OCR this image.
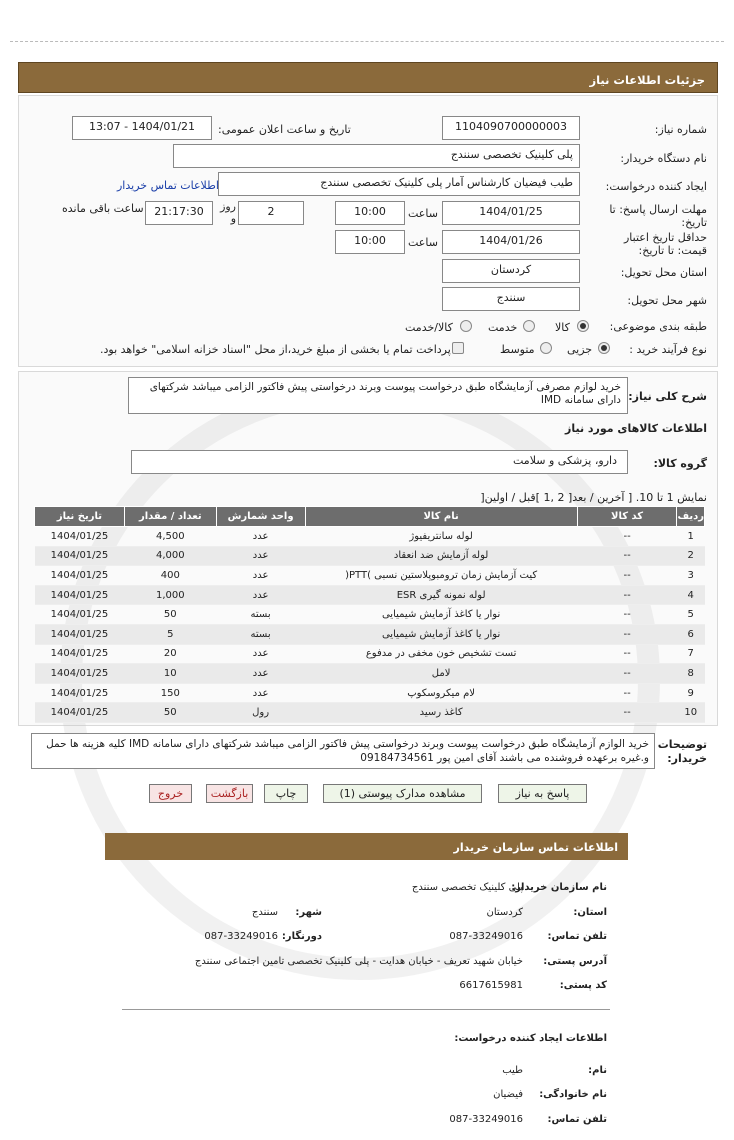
جزئیات اطلاعات نیاز
شماره نیاز:
1104090700000003
تاریخ و ساعت اعلان عمومی:
1404/01/21 - 13:07
نام دستگاه خریدار:
پلی کلینیک تخصصی سنندج
ایجاد کننده درخواست:
طیب فیضیان کارشناس آمار پلی کلینیک تخصصی سنندج
اطلاعات تماس خریدار
مهلت ارسال پاسخ: تا تاریخ:
1404/01/25
ساعت
10:00
2
روز و
21:17:30
ساعت باقی مانده
حداقل تاریخ اعتبار قیمت: تا تاریخ:
1404/01/26
ساعت
10:00
استان محل تحویل:
کردستان
شهر محل تحویل:
سنندج
طبقه بندی موضوعی:
کالا
خدمت
کالا/خدمت
نوع فرآیند خرید :
جزیی
متوسط
پرداخت تمام یا بخشی از مبلغ خرید،از محل "اسناد خزانه اسلامی" خواهد بود.
شرح کلی نیاز:
خرید لوازم مصرفی آزمایشگاه طبق درخواست پیوست وبرند درخواستی پیش فاکتور الزامی میباشد شرکتهای دارای سامانه IMD
اطلاعات کالاهای مورد نیاز
گروه کالا:
دارو، پزشکی و سلامت
نمایش 1 تا 10. [ آخرین / بعد[ 2 ,1 ]قبل / اولین[
ردیف	کد کالا	نام کالا	واحد شمارش	تعداد / مقدار	تاریخ نیاز
1	--	لوله سانتریفیوژ	عدد	4,500	1404/01/25
2	--	لوله آزمایش ضد انعقاد	عدد	4,000	1404/01/25
3	--	کیت آزمایش زمان ترومبوپلاستین نسبی )PTT(	عدد	400	1404/01/25
4	--	لوله نمونه گیری ESR	عدد	1,000	1404/01/25
5	--	نوار یا کاغذ آزمایش شیمیایی	بسته	50	1404/01/25
6	--	نوار یا کاغذ آزمایش شیمیایی	بسته	5	1404/01/25
7	--	تست تشخیص خون مخفی در مدفوع	عدد	20	1404/01/25
8	--	لامل	عدد	10	1404/01/25
9	--	لام میکروسکوپ	عدد	150	1404/01/25
10	--	کاغذ رسید	رول	50	1404/01/25
توضیحات خریدار:
خرید الوازم آزمایشگاه طبق درخواست پیوست وبرند درخواستی پیش فاکتور الزامی میباشد شرکتهای دارای سامانه IMD کلیه هزینه ها حمل و.غیره برعهده فروشنده می باشند آقای امین پور 09184734561
پاسخ به نیاز
مشاهده مدارک پیوستی (1)
چاپ
بازگشت
خروج
اطلاعات تماس سازمان خریدار
نام سازمان خریدار:
پلی کلینیک تخصصی سنندج
استان:
کردستان
شهر:
سنندج
تلفن تماس:
087-33249016
دورنگار:
087-33249016
آدرس پستی:
خیابان شهید تعریف - خیابان هدایت - پلی کلینیک تخصصی تامین اجتماعی سنندج
کد پستی:
6617615981
اطلاعات ایجاد کننده درخواست:
نام:
طیب
نام خانوادگی:
فیضیان
تلفن تماس:
087-33249016
